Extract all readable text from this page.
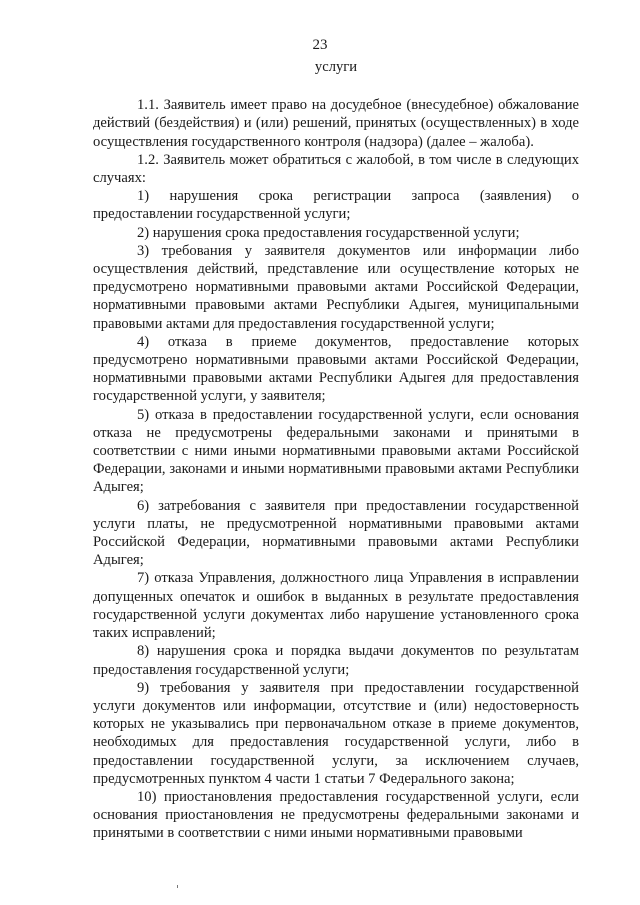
23

услуги

1.1. Заявитель имеет право на досудебное (внесудебное) обжалование действий (бездействия) и (или) решений, принятых (осуществленных) в ходе осуществления государственного контроля (надзора) (далее – жалоба).

1.2. Заявитель может обратиться с жалобой, в том числе в следующих случаях:

1) нарушения срока регистрации запроса (заявления) о предоставлении государственной услуги;

2) нарушения срока предоставления государственной услуги;

3) требования у заявителя документов или информации либо осуществления действий, представление или осуществление которых не предусмотрено нормативными правовыми актами Российской Федерации, нормативными правовыми актами Республики Адыгея, муниципальными правовыми актами для предоставления государственной услуги;

4) отказа в приеме документов, предоставление которых предусмотрено нормативными правовыми актами Российской Федерации, нормативными правовыми актами Республики Адыгея для предоставления государственной услуги, у заявителя;

5) отказа в предоставлении государственной услуги, если основания отказа не предусмотрены федеральными законами и принятыми в соответствии с ними иными нормативными правовыми актами Российской Федерации, законами и иными нормативными правовыми актами Республики Адыгея;

6) затребования с заявителя при предоставлении государственной услуги платы, не предусмотренной нормативными правовыми актами Российской Федерации, нормативными правовыми актами Республики Адыгея;

7) отказа Управления, должностного лица Управления в исправлении допущенных опечаток и ошибок в выданных в результате предоставления государственной услуги документах либо нарушение установленного срока таких исправлений;

8) нарушения срока и порядка выдачи документов по результатам предоставления государственной услуги;

9) требования у заявителя при предоставлении государственной услуги документов или информации, отсутствие и (или) недостоверность которых не указывались при первоначальном отказе в приеме документов, необходимых для предоставления государственной услуги, либо в предоставлении государственной услуги, за исключением случаев, предусмотренных пунктом 4 части 1 статьи 7 Федерального закона;

10) приостановления предоставления государственной услуги, если основания приостановления не предусмотрены федеральными законами и принятыми в соответствии с ними иными нормативными правовыми
